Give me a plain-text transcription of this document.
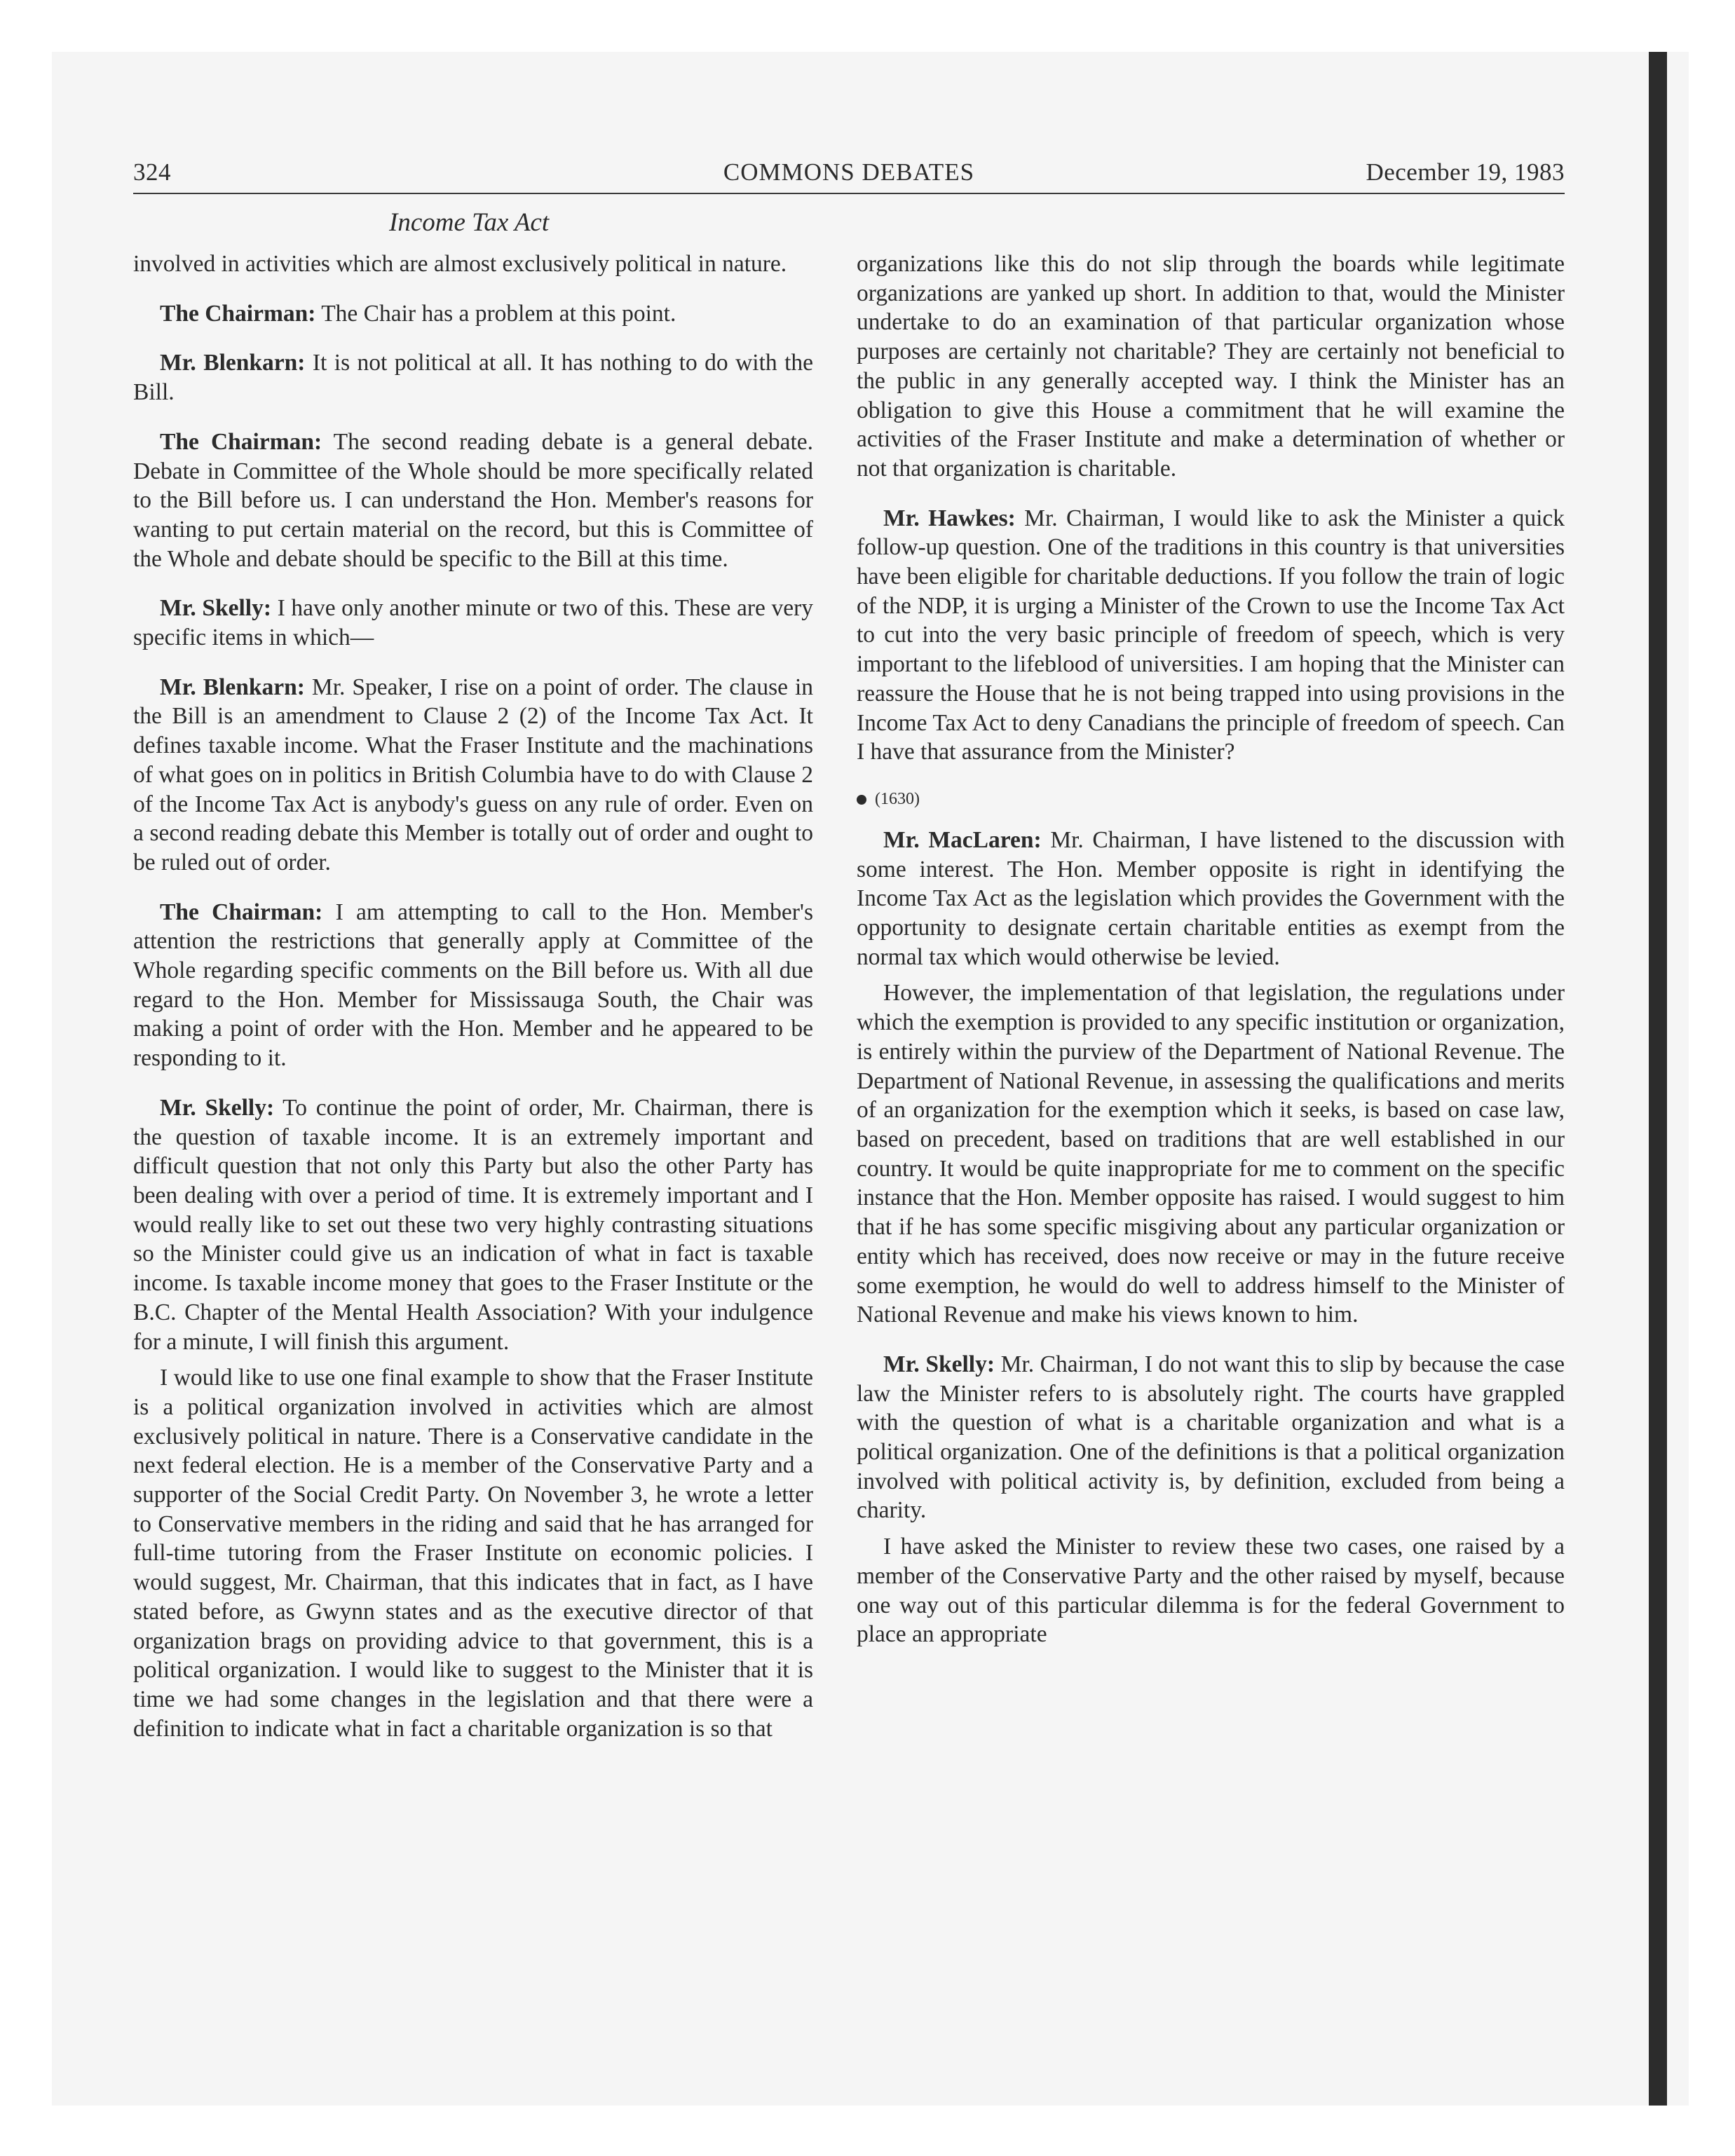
324	COMMONS DEBATES	December 19, 1983
Income Tax Act

involved in activities which are almost exclusively political in nature.

The Chairman: The Chair has a problem at this point.

Mr. Blenkarn: It is not political at all. It has nothing to do with the Bill.

The Chairman: The second reading debate is a general debate. Debate in Committee of the Whole should be more specifically related to the Bill before us. I can understand the Hon. Member's reasons for wanting to put certain material on the record, but this is Committee of the Whole and debate should be specific to the Bill at this time.

Mr. Skelly: I have only another minute or two of this. These are very specific items in which—

Mr. Blenkarn: Mr. Speaker, I rise on a point of order. The clause in the Bill is an amendment to Clause 2 (2) of the Income Tax Act. It defines taxable income. What the Fraser Institute and the machinations of what goes on in politics in British Columbia have to do with Clause 2 of the Income Tax Act is anybody's guess on any rule of order. Even on a second reading debate this Member is totally out of order and ought to be ruled out of order.

The Chairman: I am attempting to call to the Hon. Member's attention the restrictions that generally apply at Committee of the Whole regarding specific comments on the Bill before us. With all due regard to the Hon. Member for Mississauga South, the Chair was making a point of order with the Hon. Member and he appeared to be responding to it.

Mr. Skelly: To continue the point of order, Mr. Chairman, there is the question of taxable income. It is an extremely important and difficult question that not only this Party but also the other Party has been dealing with over a period of time. It is extremely important and I would really like to set out these two very highly contrasting situations so the Minister could give us an indication of what in fact is taxable income. Is taxable income money that goes to the Fraser Institute or the B.C. Chapter of the Mental Health Association? With your indulgence for a minute, I will finish this argument.

I would like to use one final example to show that the Fraser Institute is a political organization involved in activities which are almost exclusively political in nature. There is a Conservative candidate in the next federal election. He is a member of the Conservative Party and a supporter of the Social Credit Party. On November 3, he wrote a letter to Conservative members in the riding and said that he has arranged for full-time tutoring from the Fraser Institute on economic policies. I would suggest, Mr. Chairman, that this indicates that in fact, as I have stated before, as Gwynn states and as the executive director of that organization brags on providing advice to that government, this is a political organization. I would like to suggest to the Minister that it is time we had some changes in the legislation and that there were a definition to indicate what in fact a charitable organization is so that

organizations like this do not slip through the boards while legitimate organizations are yanked up short. In addition to that, would the Minister undertake to do an examination of that particular organization whose purposes are certainly not charitable? They are certainly not beneficial to the public in any generally accepted way. I think the Minister has an obligation to give this House a commitment that he will examine the activities of the Fraser Institute and make a determination of whether or not that organization is charitable.

Mr. Hawkes: Mr. Chairman, I would like to ask the Minister a quick follow-up question. One of the traditions in this country is that universities have been eligible for charitable deductions. If you follow the train of logic of the NDP, it is urging a Minister of the Crown to use the Income Tax Act to cut into the very basic principle of freedom of speech, which is very important to the lifeblood of universities. I am hoping that the Minister can reassure the House that he is not being trapped into using provisions in the Income Tax Act to deny Canadians the principle of freedom of speech. Can I have that assurance from the Minister?

(1630)

Mr. MacLaren: Mr. Chairman, I have listened to the discussion with some interest. The Hon. Member opposite is right in identifying the Income Tax Act as the legislation which provides the Government with the opportunity to designate certain charitable entities as exempt from the normal tax which would otherwise be levied.

However, the implementation of that legislation, the regulations under which the exemption is provided to any specific institution or organization, is entirely within the purview of the Department of National Revenue. The Department of National Revenue, in assessing the qualifications and merits of an organization for the exemption which it seeks, is based on case law, based on precedent, based on traditions that are well established in our country. It would be quite inappropriate for me to comment on the specific instance that the Hon. Member opposite has raised. I would suggest to him that if he has some specific misgiving about any particular organization or entity which has received, does now receive or may in the future receive some exemption, he would do well to address himself to the Minister of National Revenue and make his views known to him.

Mr. Skelly: Mr. Chairman, I do not want this to slip by because the case law the Minister refers to is absolutely right. The courts have grappled with the question of what is a charitable organization and what is a political organization. One of the definitions is that a political organization involved with political activity is, by definition, excluded from being a charity.

I have asked the Minister to review these two cases, one raised by a member of the Conservative Party and the other raised by myself, because one way out of this particular dilemma is for the federal Government to place an appropriate
